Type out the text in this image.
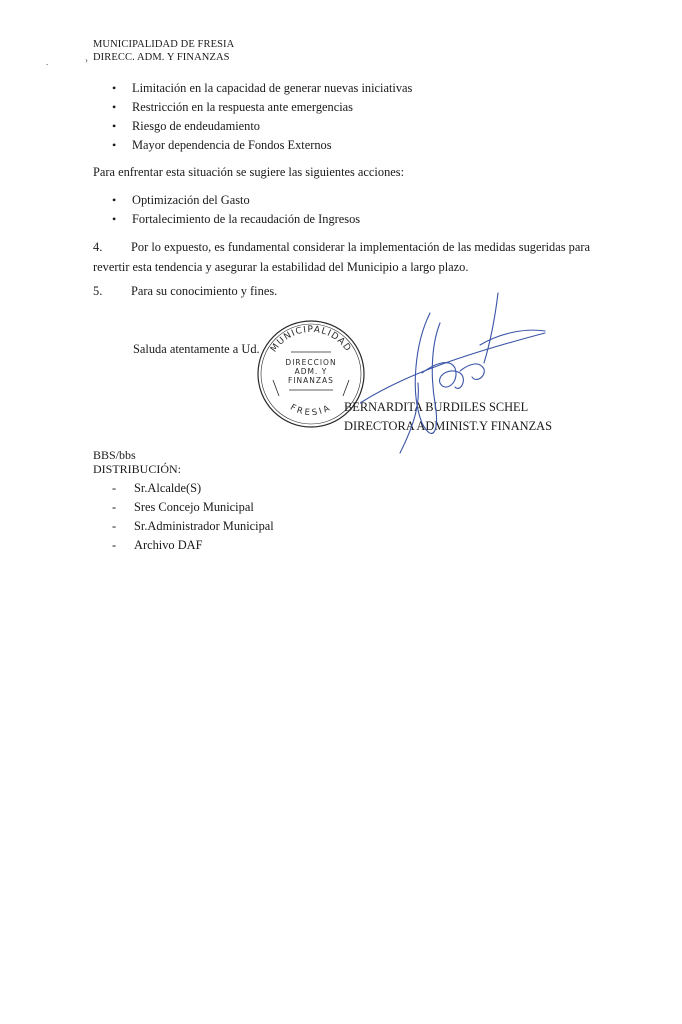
MUNICIPALIDAD DE FRESIA
DIRECC. ADM. Y FINANZAS
.	›
• Limitación en la capacidad de generar nuevas iniciativas
• Restricción en la respuesta ante emergencias
• Riesgo de endeudamiento
• Mayor dependencia de Fondos Externos
Para enfrentar esta situación se sugiere las siguientes acciones:
• Optimización del Gasto
• Fortalecimiento de la recaudación de Ingresos
4. Por lo expuesto, es fundamental considerar la implementación de las medidas sugeridas para revertir esta tendencia y asegurar la estabilidad del Municipio a largo plazo.
5. Para su conocimiento y fines.
Saluda atentamente a Ud. MUNICIPALIDAD
DIRECCION
ADM. Y
FINANZAS
FRESIA BERNARDITA BURDILES SCHEL
DIRECTORA ADMINIST.Y FINANZAS
BBS/bbs
DISTRIBUCIÓN:
- Sr.Alcalde(S)
- Sres Concejo Municipal
- Sr.Administrador Municipal
- Archivo DAF
